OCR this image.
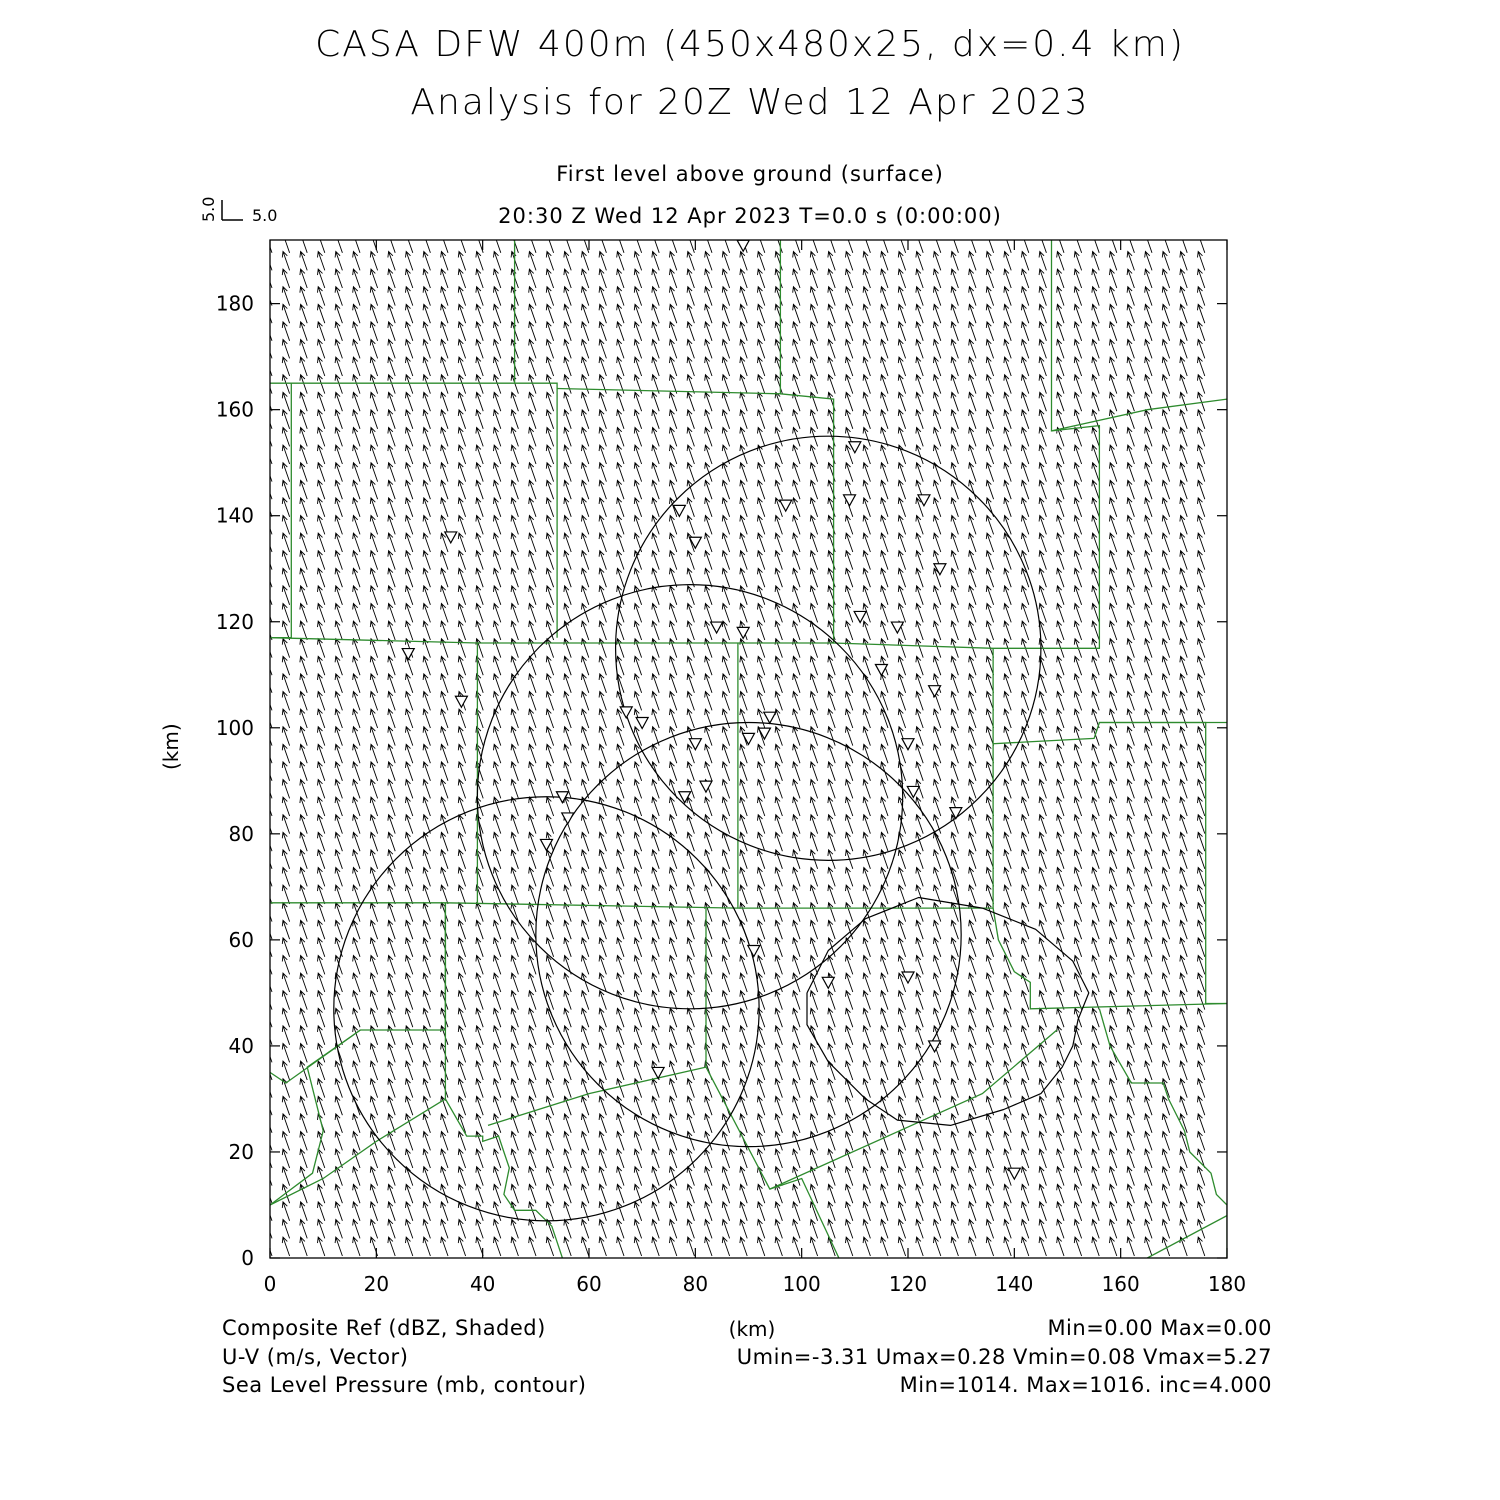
CASA DFW 400m (450x480x25, dx=0.4 km)
Analysis for 20Z Wed 12 Apr 2023
First level above ground (surface)
20:30 Z Wed 12 Apr 2023 T=0.0 s (0:00:00)
5.0
5.0
(km)
(km)
0	20	40	60	80	100	120	140	160	180
0
20
40
60
80
100
120
140
160
180
Composite Ref (dBZ, Shaded)	Min=0.00 Max=0.00
U-V (m/s, Vector)	Umin=-3.31 Umax=0.28 Vmin=0.08 Vmax=5.27
Sea Level Pressure (mb, contour)	Min=1014. Max=1016. inc=4.000
